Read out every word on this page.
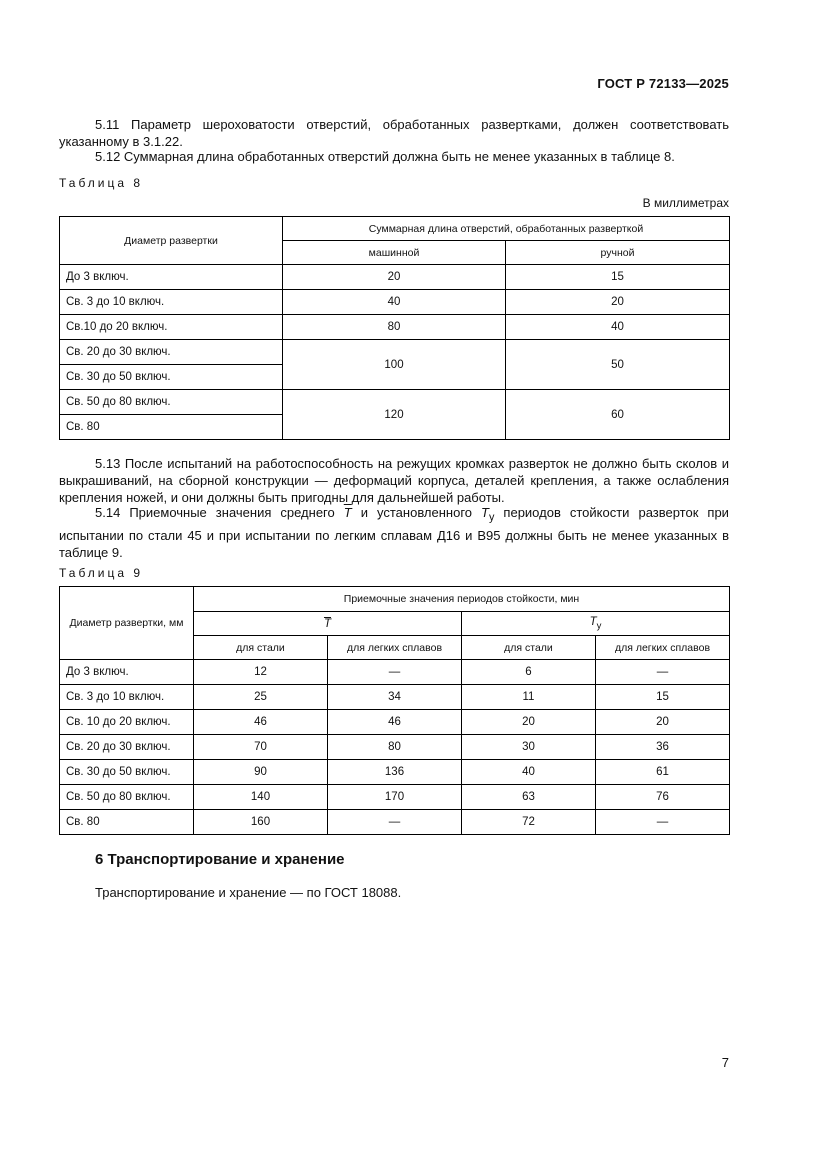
ГОСТ Р 72133—2025
5.11 Параметр шероховатости отверстий, обработанных развертками, должен соответствовать указанному в 3.1.22.
5.12 Суммарная длина обработанных отверстий должна быть не менее указанных в таблице 8.
Таблица 8
В миллиметрах
Диаметр развертки	Суммарная длина отверстий, обработанных разверткой	
	машинной	ручной
До 3 включ.	20	15
Св. 3 до 10 включ.	40	20
Св.10 до 20 включ.	80	40
Св. 20 до 30 включ.	100	50
Св. 30 до 50 включ.		
Св. 50 до 80 включ.	120	60
Св. 80		
5.13 После испытаний на работоспособность на режущих кромках разверток не должно быть сколов и выкрашиваний, на сборной конструкции — деформаций корпуса, деталей крепления, а также ослабления крепления ножей, и они должны быть пригодны для дальнейшей работы.
5.14 Приемочные значения среднего $\overline{T}$ и установленного $T_у$ периодов стойкости разверток при испытании по стали 45 и при испытании по легким сплавам Д16 и В95 должны быть не менее указанных в таблице 9.
Таблица 9
Диаметр развертки, мм	Приемочные значения периодов стойкости, мин			
	$\overline{T}$		$T_у$
	для стали	для легких сплавов	для стали	для легких сплавов
До 3 включ.	12	—	6	—
Св. 3 до 10 включ.	25	34	11	15
Св. 10 до 20 включ.	46	46	20	20
Св. 20 до 30 включ.	70	80	30	36
Св. 30 до 50 включ.	90	136	40	61
Св. 50 до 80 включ.	140	170	63	76
Св. 80	160	—	72	—
6 Транспортирование и хранение
Транспортирование и хранение — по ГОСТ 18088.
7
